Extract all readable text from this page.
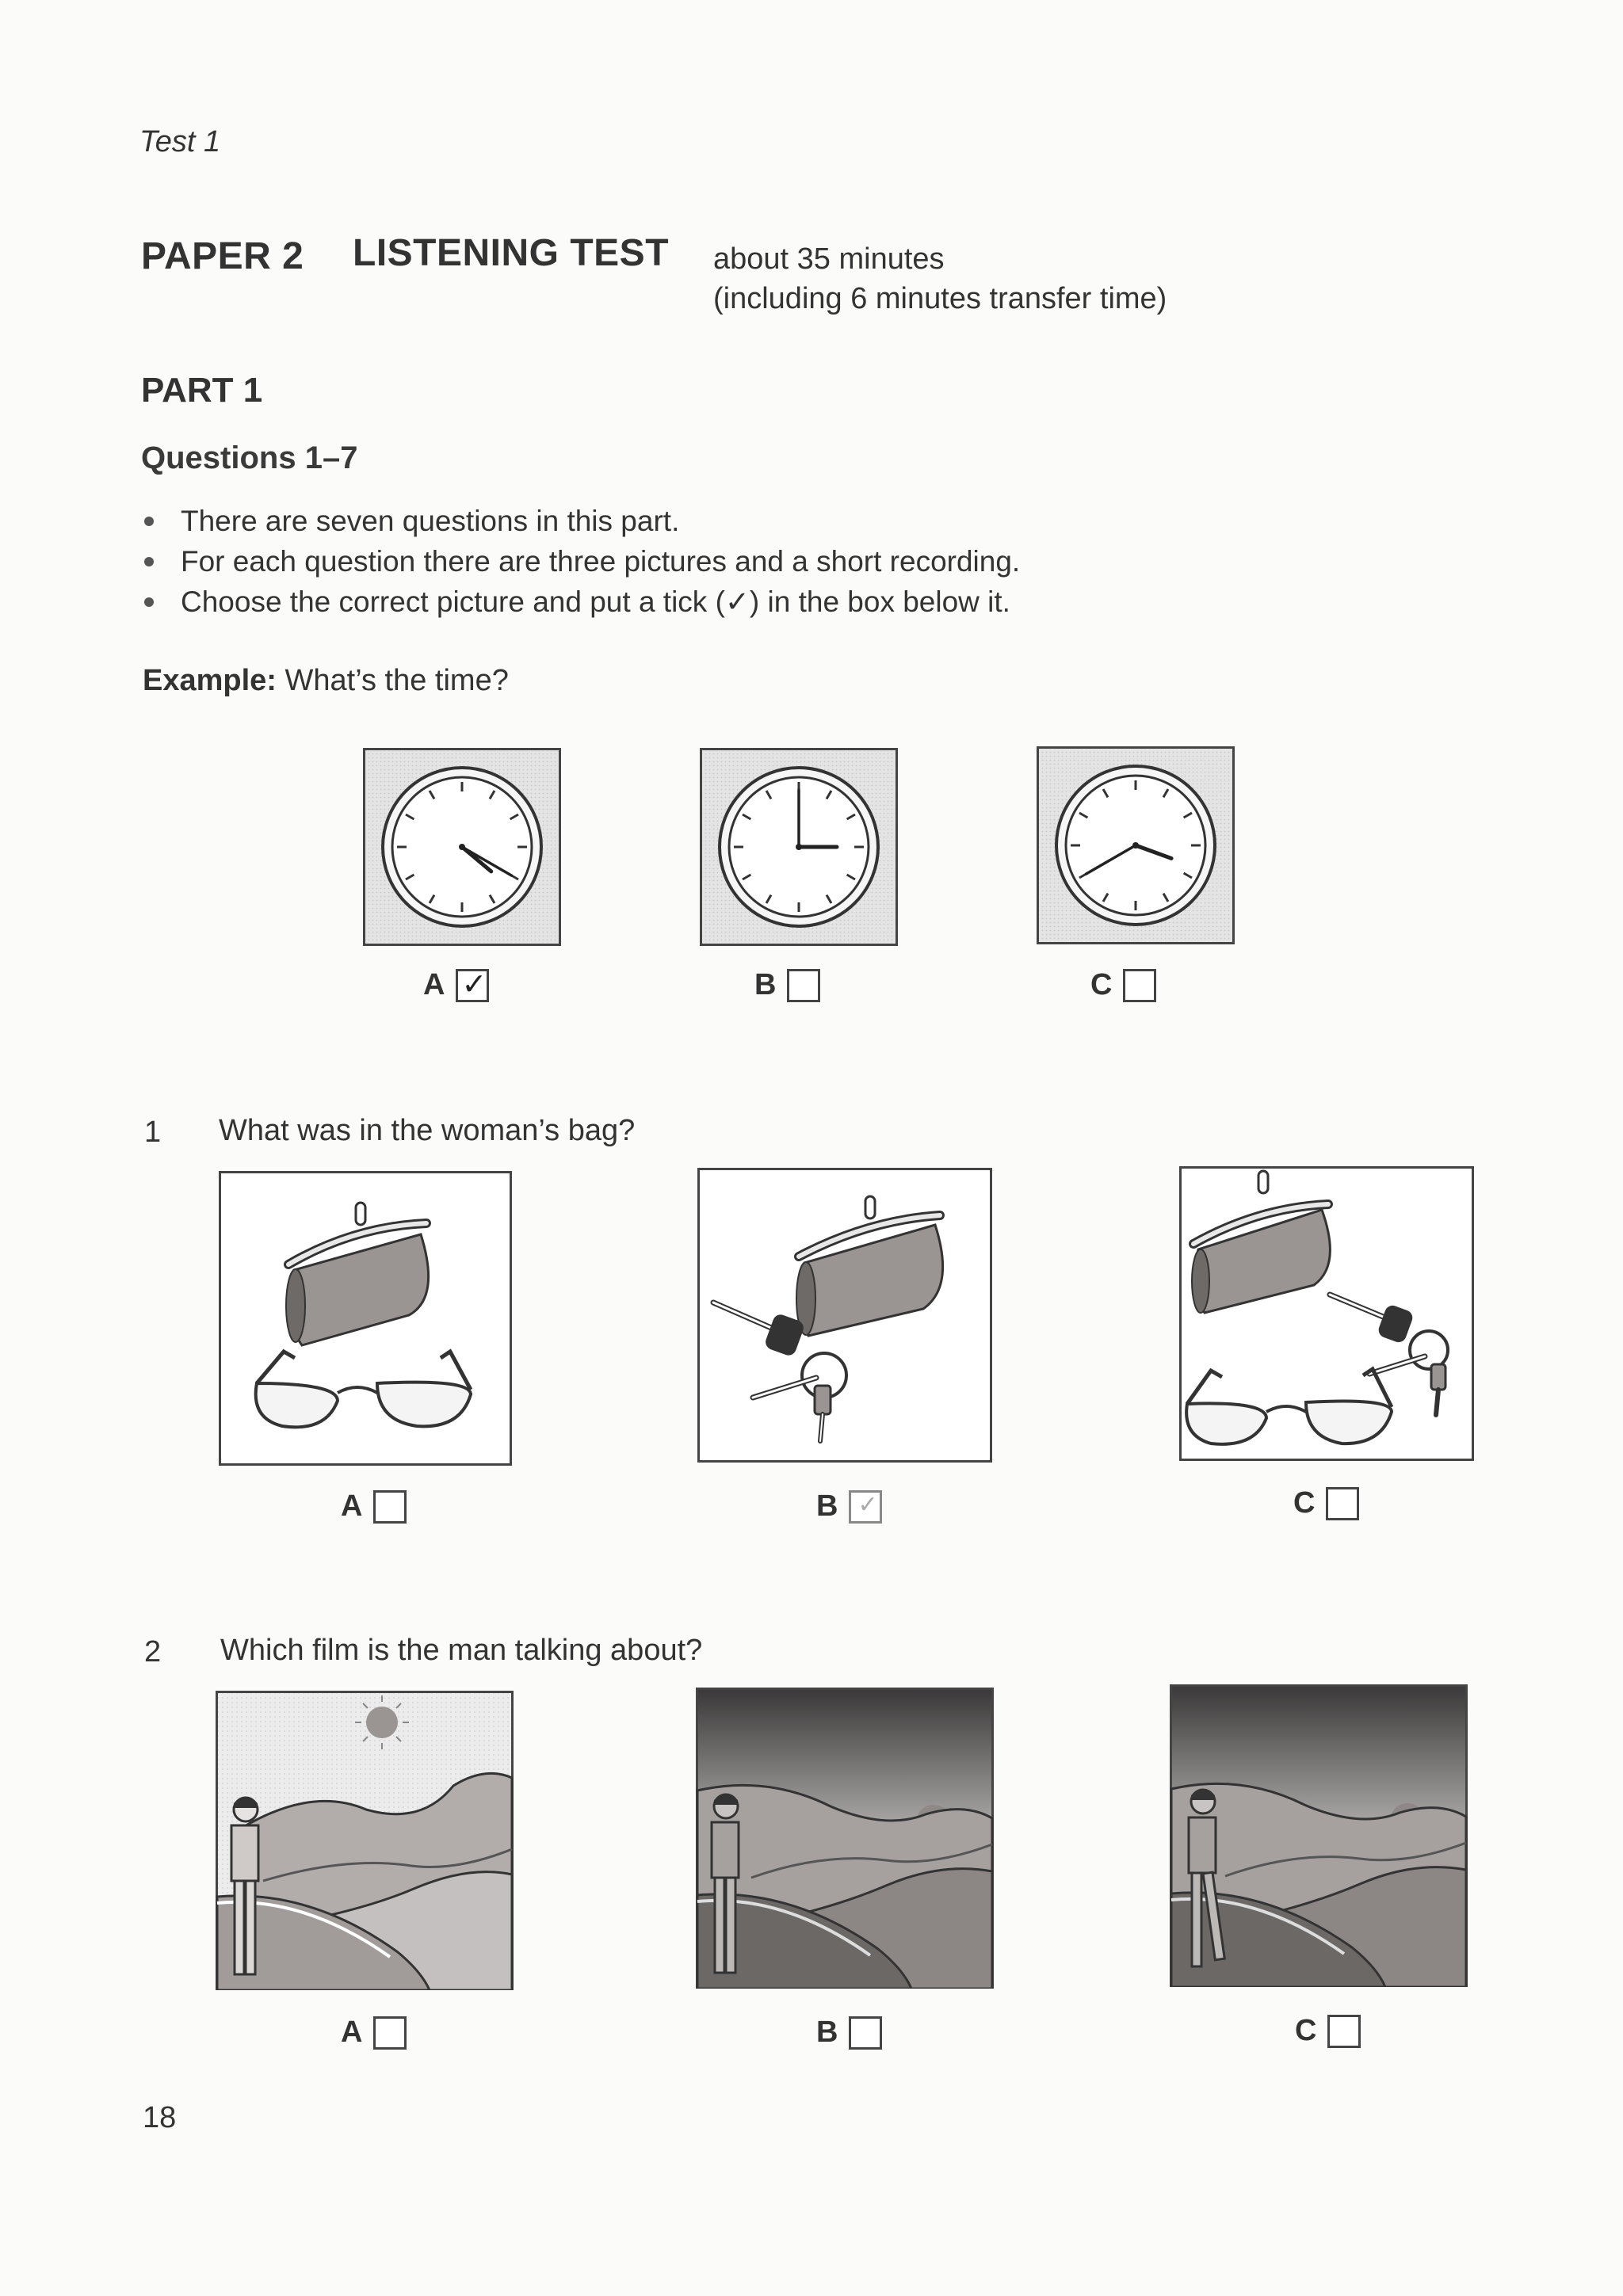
Test 1
PAPER 2 LISTENING TEST about 35 minutes
(including 6 minutes transfer time)
PART 1
Questions 1–7
There are seven questions in this part.
For each question there are three pictures and a short recording.
Choose the correct picture and put a tick (✓) in the box below it.
Example: What’s the time?
A ✓	B	C
1 What was in the woman’s bag?
A	B ✓	C
2 Which film is the man talking about?
A	B	C
18
